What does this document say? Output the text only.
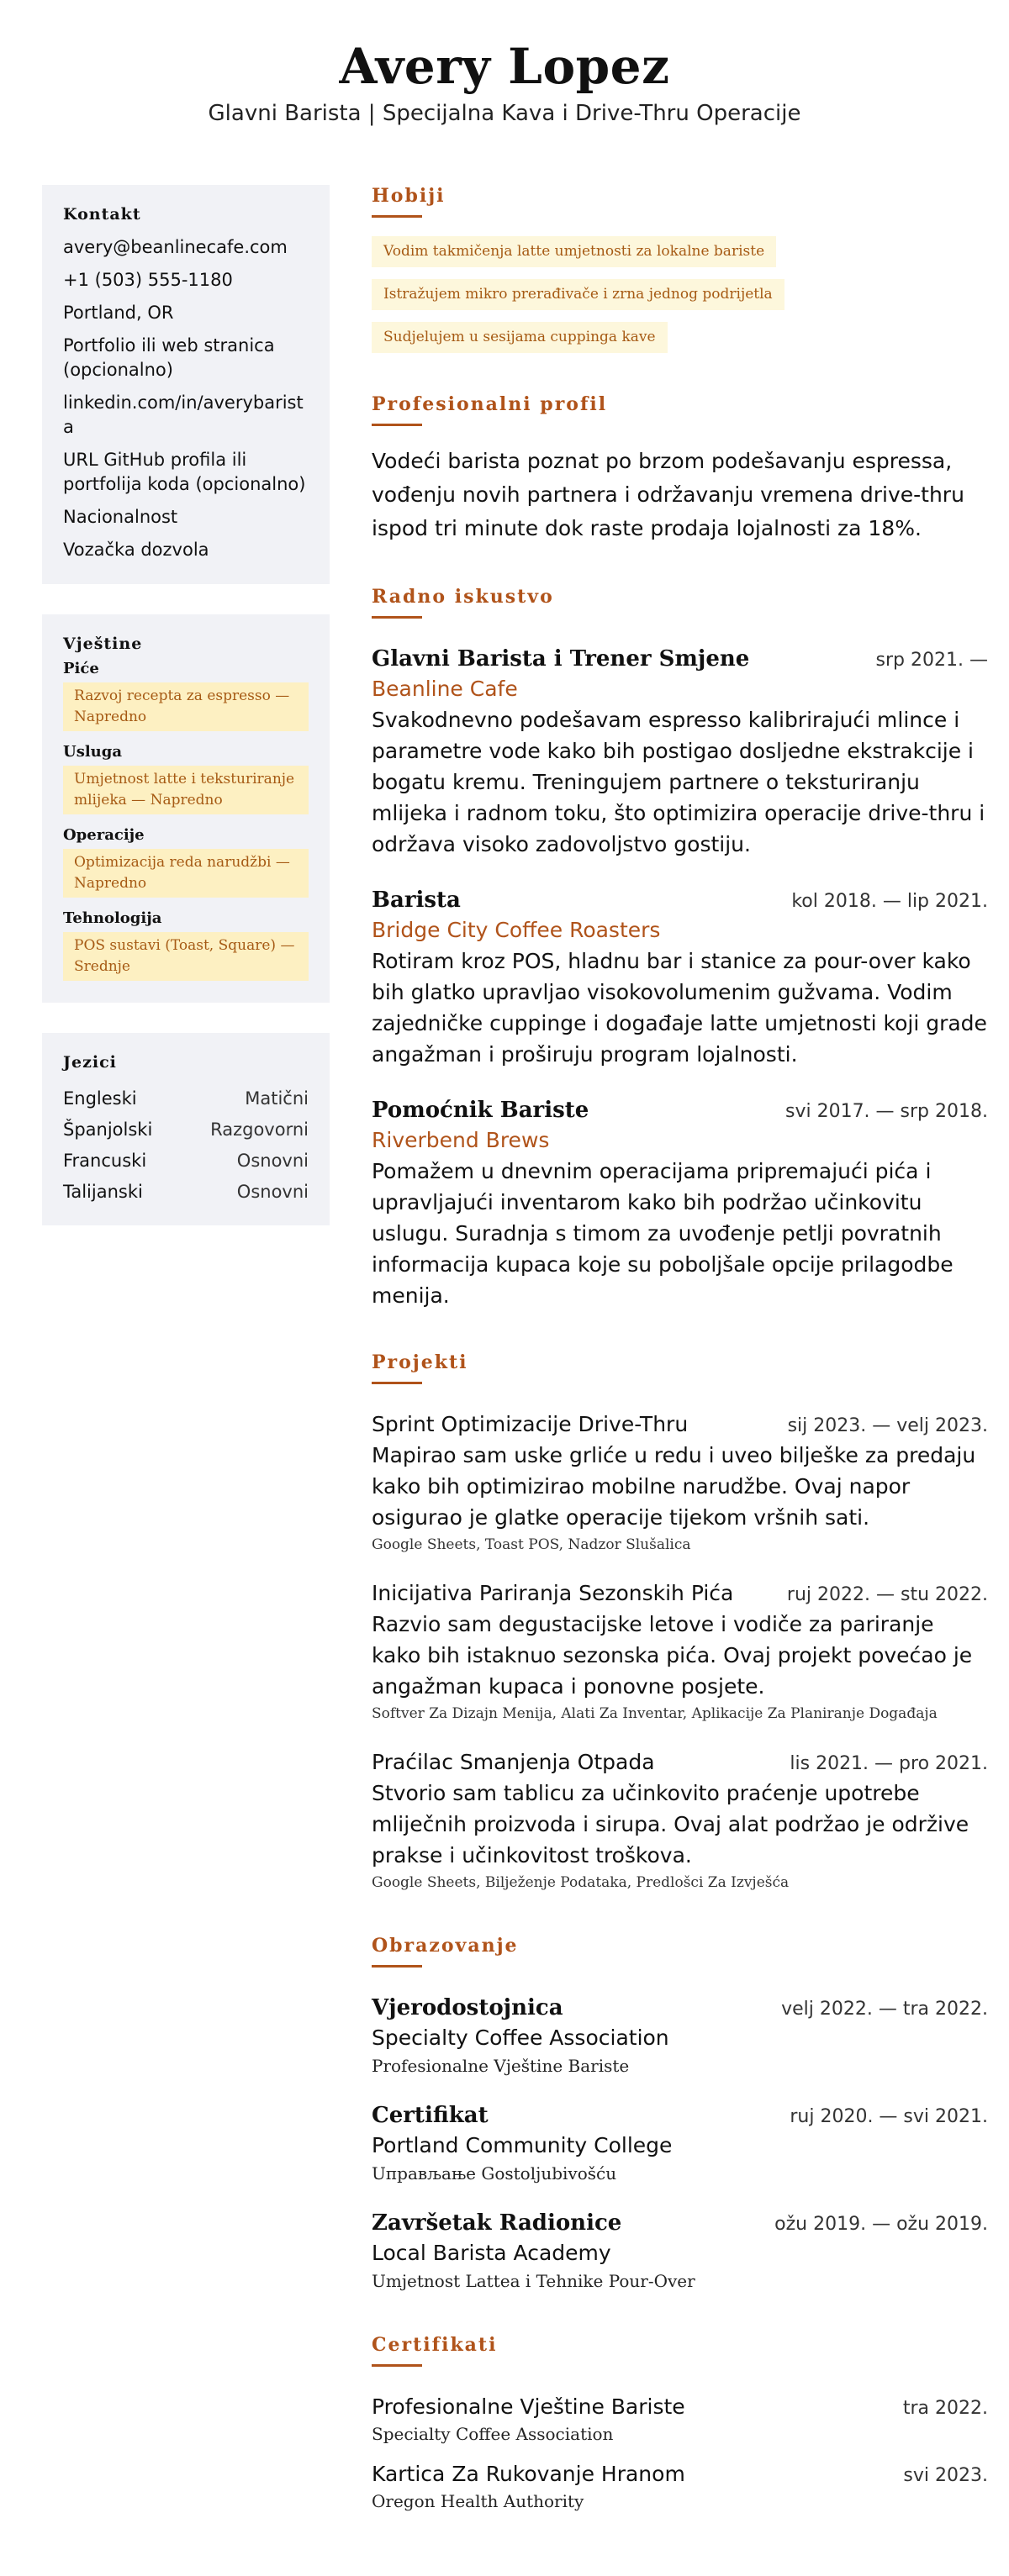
Avery Lopez
Glavni Barista | Specijalna Kava i Drive-Thru Operacije
Kontakt
avery@beanlinecafe.com
+1 (503) 555-1180
Portland, OR
Portfolio ili web stranica (opcionalno)
linkedin.com/in/averybarista
URL GitHub profila ili portfolija koda (opcionalno)
Nacionalnost
Vozačka dozvola
Vještine
Piće
Razvoj recepta za espresso — Napredno
Usluga
Umjetnost latte i teksturiranje mlijeka — Napredno
Operacije
Optimizacija reda narudžbi — Napredno
Tehnologija
POS sustavi (Toast, Square) — Srednje
Jezici
Engleski	Matični
Španjolski	Razgovorni
Francuski	Osnovni
Talijanski	Osnovni
Hobiji
Vodim takmičenja latte umjetnosti za lokalne bariste
Istražujem mikro prerađivače i zrna jednog podrijetla
Sudjelujem u sesijama cuppinga kave
Profesionalni profil

Vodeći barista poznat po brzom podešavanju espressa, vođenju novih partnera i održavanju vremena drive-thru ispod tri minute dok raste prodaja lojalnosti za 18%.

Radno iskustvo
Glavni Barista i Trener Smjene	srp 2021. —
Beanline Cafe

Svakodnevno podešavam espresso kalibrirajući mlince i parametre vode kako bih postigao dosljedne ekstrakcije i bogatu kremu. Treningujem partnere o teksturiranju mlijeka i radnom toku, što optimizira operacije drive-thru i održava visoko zadovoljstvo gostiju.

Barista	kol 2018. — lip 2021.
Bridge City Coffee Roasters

Rotiram kroz POS, hladnu bar i stanice za pour-over kako bih glatko upravljao visokovolumenim gužvama. Vodim zajedničke cuppinge i događaje latte umjetnosti koji grade angažman i proširuju program lojalnosti.

Pomoćnik Bariste	svi 2017. — srp 2018.
Riverbend Brews

Pomažem u dnevnim operacijama pripremajući pića i upravljajući inventarom kako bih podržao učinkovitu uslugu. Suradnja s timom za uvođenje petlji povratnih informacija kupaca koje su poboljšale opcije prilagodbe menija.

Projekti
Sprint Optimizacije Drive-Thru	sij 2023. — velj 2023.

Mapirao sam uske grliće u redu i uveo bilješke za predaju kako bih optimizirao mobilne narudžbe. Ovaj napor osigurao je glatke operacije tijekom vršnih sati.

Google Sheets, Toast POS, Nadzor Slušalica
Inicijativa Pariranja Sezonskih Pića	ruj 2022. — stu 2022.

Razvio sam degustacijske letove i vodiče za pariranje kako bih istaknuo sezonska pića. Ovaj projekt povećao je angažman kupaca i ponovne posjete.

Softver Za Dizajn Menija, Alati Za Inventar, Aplikacije Za Planiranje Događaja
Praćilac Smanjenja Otpada	lis 2021. — pro 2021.

Stvorio sam tablicu za učinkovito praćenje upotrebe mliječnih proizvoda i sirupa. Ovaj alat podržao je održive prakse i učinkovitost troškova.

Google Sheets, Bilježenje Podataka, Predlošci Za Izvješća
Obrazovanje
Vjerodostojnica	velj 2022. — tra 2022.
Specialty Coffee Association
Profesionalne Vještine Bariste
Certifikat	ruj 2020. — svi 2021.
Portland Community College
Uправљање Gostoljubivošću
Završetak Radionice	ožu 2019. — ožu 2019.
Local Barista Academy
Umjetnost Lattea i Tehnike Pour-Over
Certifikati
Profesionalne Vještine Bariste	tra 2022.
Specialty Coffee Association
Kartica Za Rukovanje Hranom	svi 2023.
Oregon Health Authority
